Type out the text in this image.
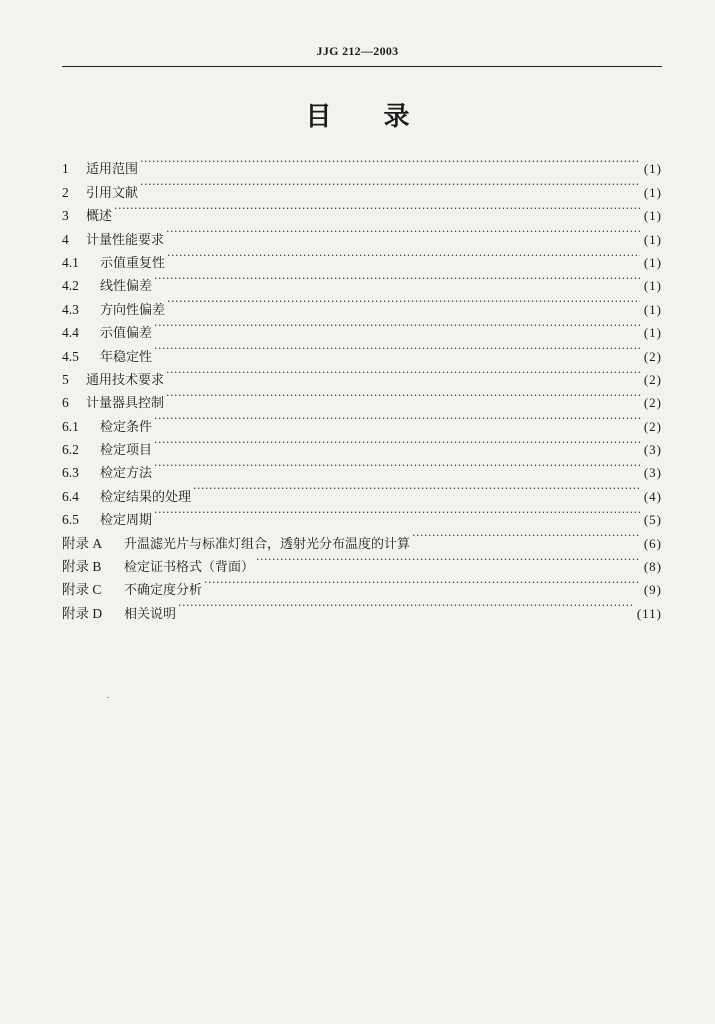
JJG 212—2003
目　　录
1	适用范围 ·····	(1)
2	引用文献 ·····	(1)
3	概述 ·····	(1)
4	计量性能要求 ·····	(1)
4.1	示值重复性 ·····	(1)
4.2	线性偏差 ·····	(1)
4.3	方向性偏差 ·····	(1)
4.4	示值偏差 ·····	(1)
4.5	年稳定性 ·····	(2)
5	通用技术要求 ·····	(2)
6	计量器具控制 ·····	(2)
6.1	检定条件 ·····	(2)
6.2	检定项目 ·····	(3)
6.3	检定方法 ·····	(3)
6.4	检定结果的处理 ·····	(4)
6.5	检定周期 ·····	(5)
附录 A	升温滤光片与标准灯组合，透射光分布温度的计算 ·····	(6)
附录 B	检定证书格式（背面） ·····	(8)
附录 C	不确定度分析 ·····	(9)
附录 D	相关说明 ·····	(11)
